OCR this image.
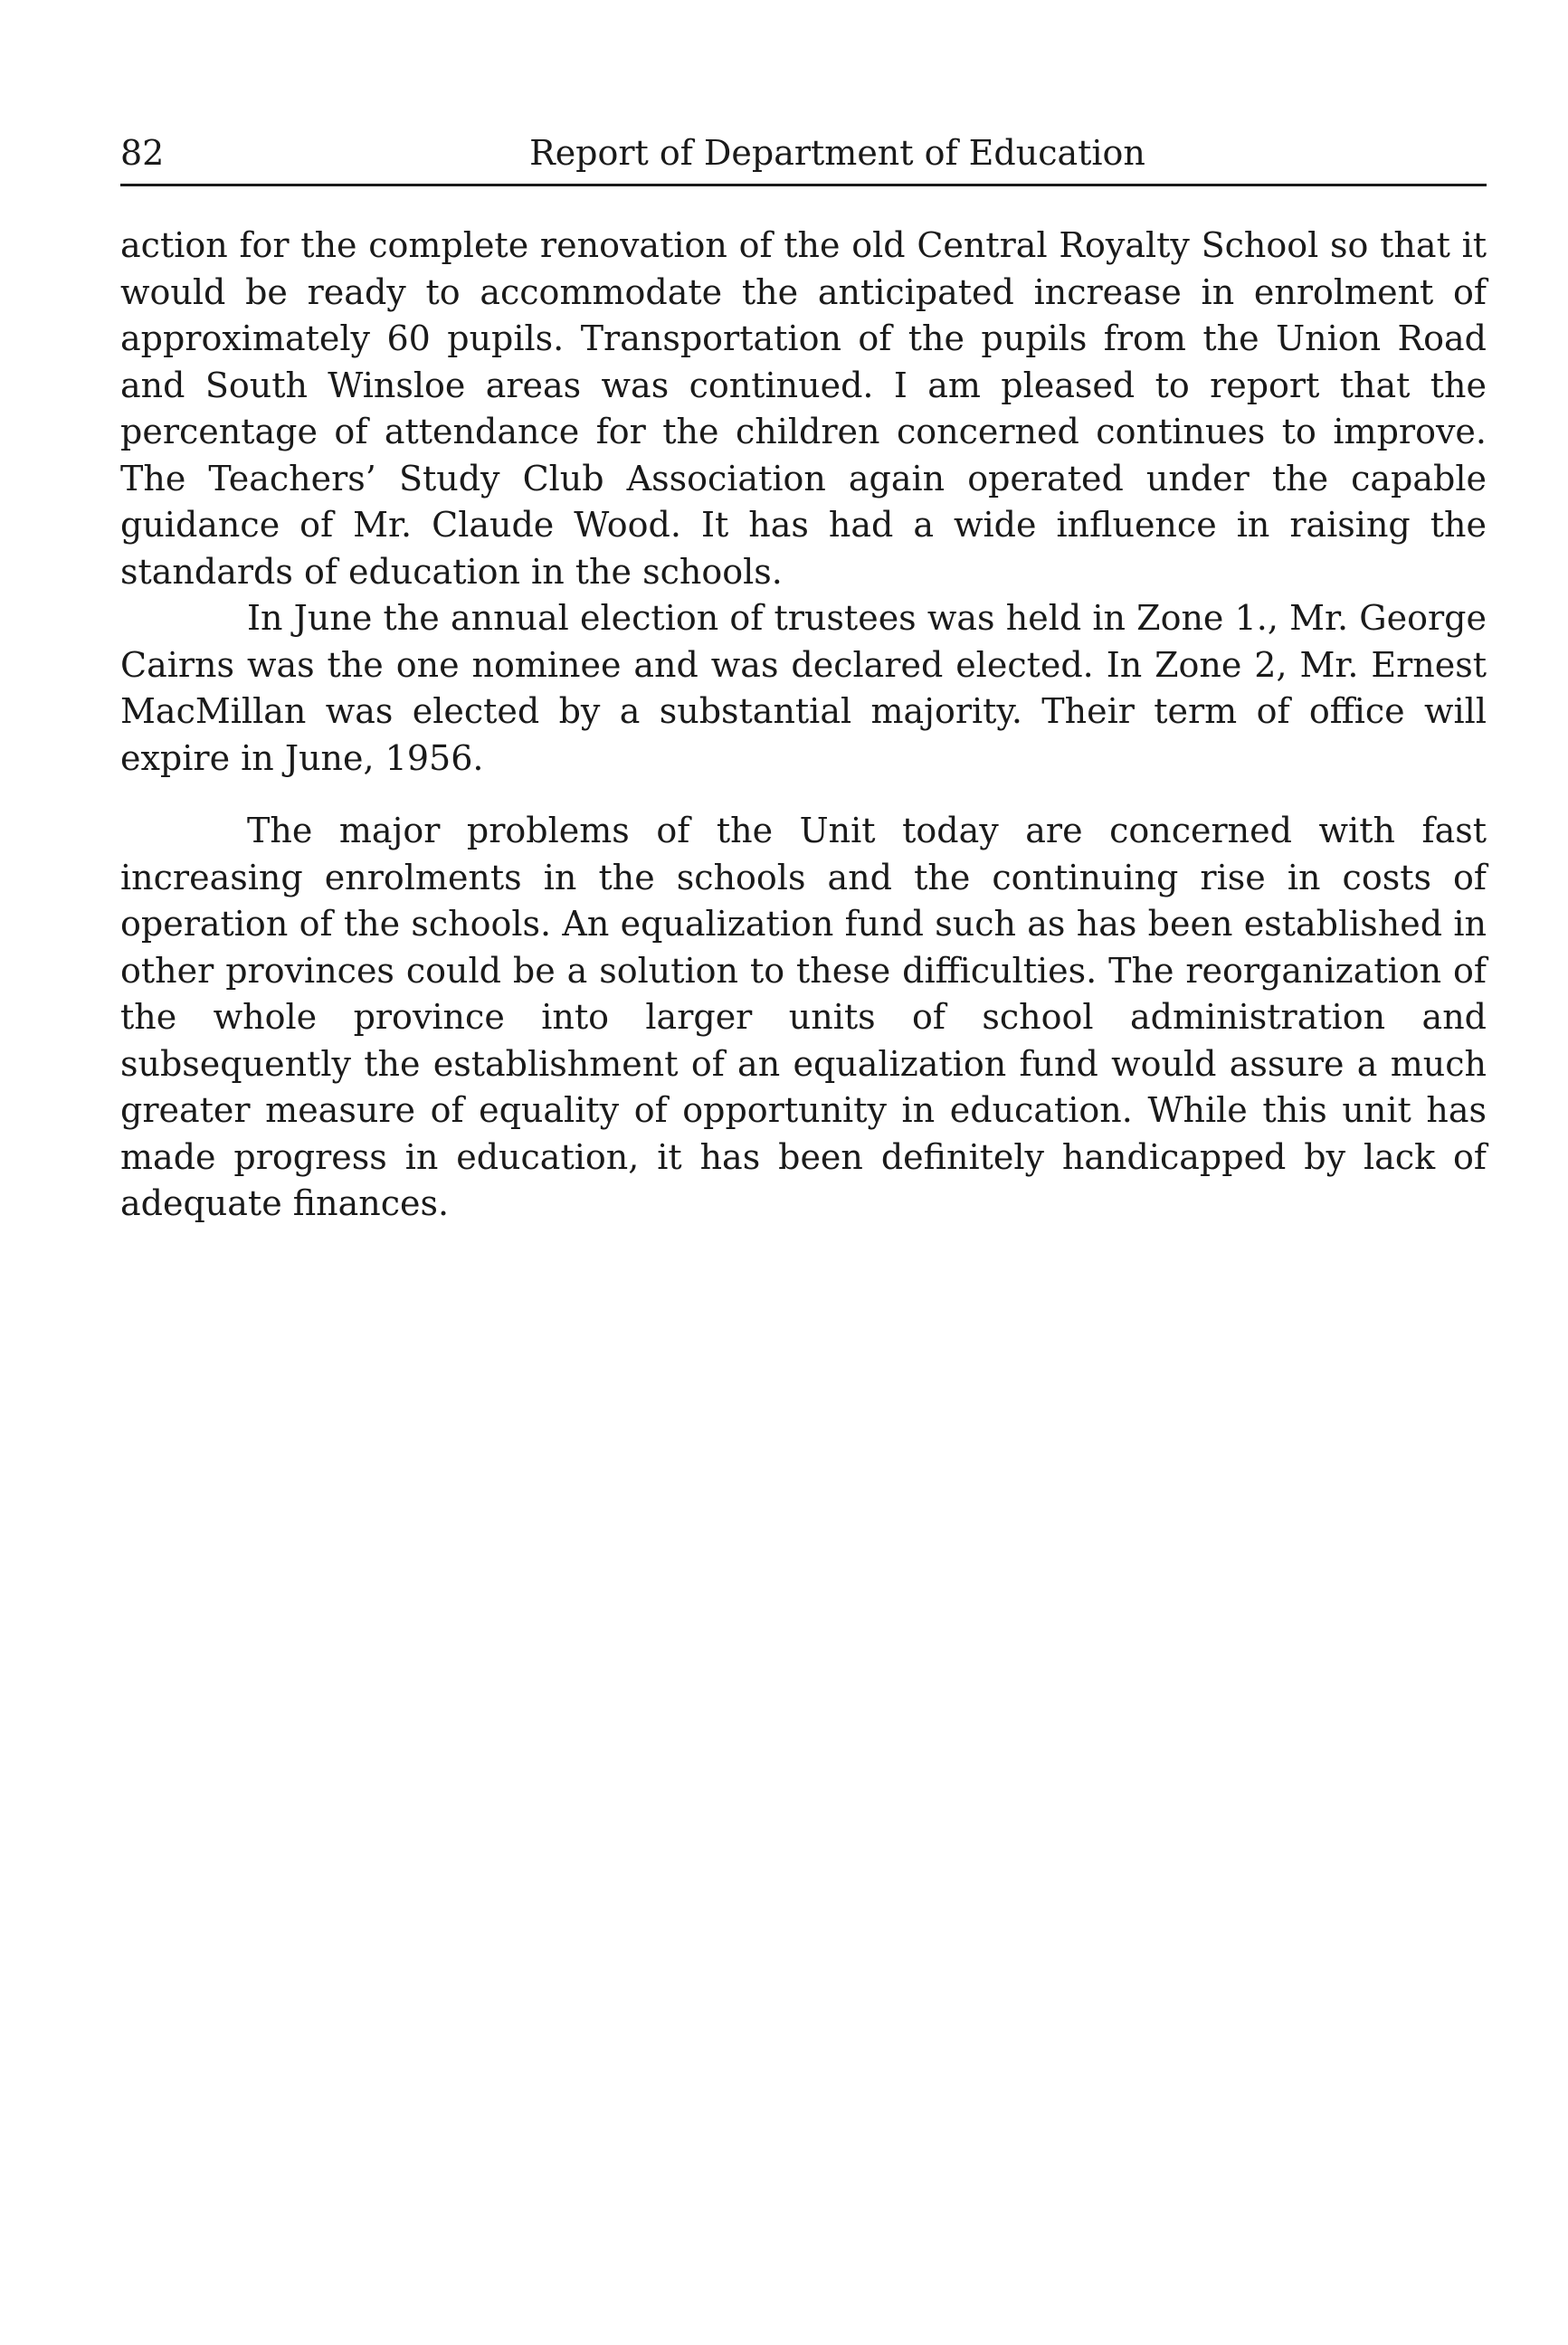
82	Report of Department of Education

action for the complete renovation of the old Central Royalty School so that it would be ready to accommodate the anticipated increase in enrolment of approximately 60 pupils. Transportation of the pupils from the Union Road and South Winsloe areas was continued. I am pleased to report that the percentage of attendance for the children concerned continues to improve. The Teachers’ Study Club Association again operated under the capable guidance of Mr. Claude Wood. It has had a wide influence in raising the standards of education in the schools.

In June the annual election of trustees was held in Zone 1., Mr. George Cairns was the one nominee and was declared elected. In Zone 2, Mr. Ernest MacMillan was elected by a substantial majority. Their term of office will expire in June, 1956.

The major problems of the Unit today are concerned with fast increasing enrolments in the schools and the continuing rise in costs of operation of the schools. An equalization fund such as has been established in other provinces could be a solution to these difficulties. The reorganization of the whole province into larger units of school administration and subsequently the establishment of an equalization fund would assure a much greater measure of equality of opportunity in education. While this unit has made progress in education, it has been definitely handicapped by lack of adequate finances.
